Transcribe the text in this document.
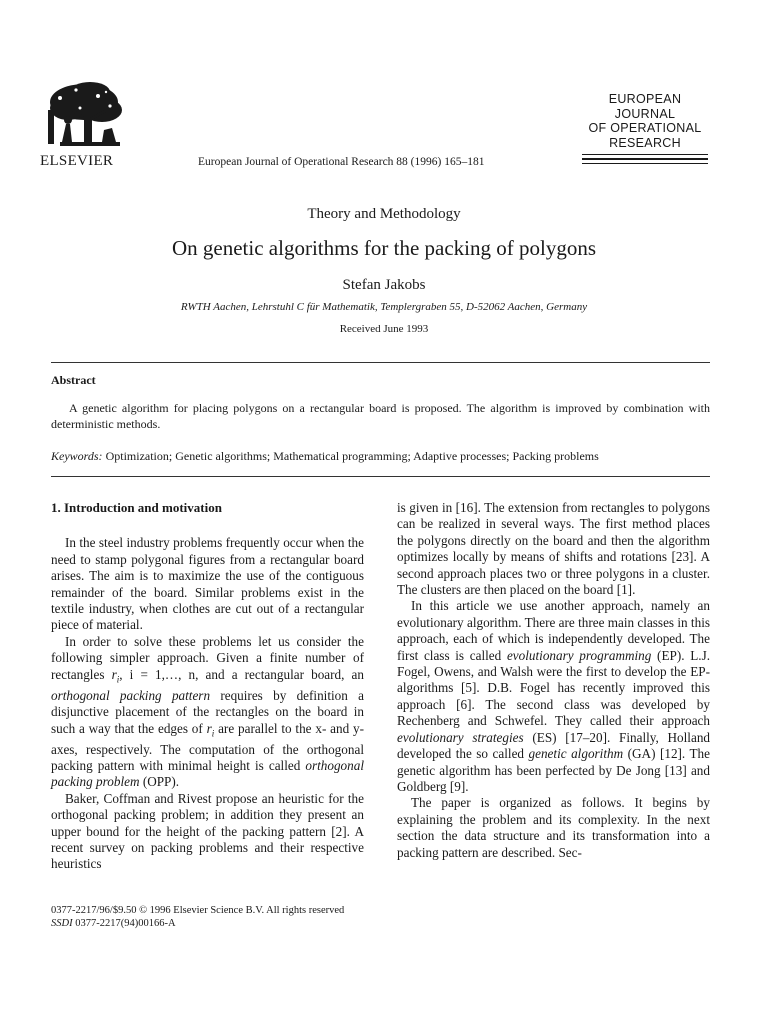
ELSEVIER	European Journal of Operational Research 88 (1996) 165–181
EUROPEAN
JOURNAL
OF OPERATIONAL
RESEARCH
Theory and Methodology
On genetic algorithms for the packing of polygons
Stefan Jakobs
RWTH Aachen, Lehrstuhl C für Mathematik, Templergraben 55, D-52062 Aachen, Germany
Received June 1993
Abstract

A genetic algorithm for placing polygons on a rectangular board is proposed. The algorithm is improved by combination with deterministic methods.

Keywords: Optimization; Genetic algorithms; Mathematical programming; Adaptive processes; Packing problems
1. Introduction and motivation

In the steel industry problems frequently occur when the need to stamp polygonal figures from a rectangular board arises. The aim is to maximize the use of the contiguous remainder of the board. Similar problems exist in the textile industry, when clothes are cut out of a rectangular piece of material.

In order to solve these problems let us consider the following simpler approach. Given a finite number of rectangles $r_i$, i = 1,…, n, and a rectangular board, an orthogonal packing pattern requires by definition a disjunctive placement of the rectangles on the board in such a way that the edges of $r_i$ are parallel to the x- and y-axes, respectively. The computation of the orthogonal packing pattern with minimal height is called orthogonal packing problem (OPP).

Baker, Coffman and Rivest propose an heuristic for the orthogonal packing problem; in addition they present an upper bound for the height of the packing pattern [2]. A recent survey on packing problems and their respective heuristics

is given in [16]. The extension from rectangles to polygons can be realized in several ways. The first method places the polygons directly on the board and then the algorithm optimizes locally by means of shifts and rotations [23]. A second approach places two or three polygons in a cluster. The clusters are then placed on the board [1].

In this article we use another approach, namely an evolutionary algorithm. There are three main classes in this approach, each of which is independently developed. The first class is called evolutionary programming (EP). L.J. Fogel, Owens, and Walsh were the first to develop the EP-algorithms [5]. D.B. Fogel has recently improved this approach [6]. The second class was developed by Rechenberg and Schwefel. They called their approach evolutionary strategies (ES) [17–20]. Finally, Holland developed the so called genetic algorithm (GA) [12]. The genetic algorithm has been perfected by De Jong [13] and Goldberg [9].

The paper is organized as follows. It begins by explaining the problem and its complexity. In the next section the data structure and its transformation into a packing pattern are described. Sec-

0377-2217/96/$9.50 © 1996 Elsevier Science B.V. All rights reserved
SSDI 0377-2217(94)00166-A
